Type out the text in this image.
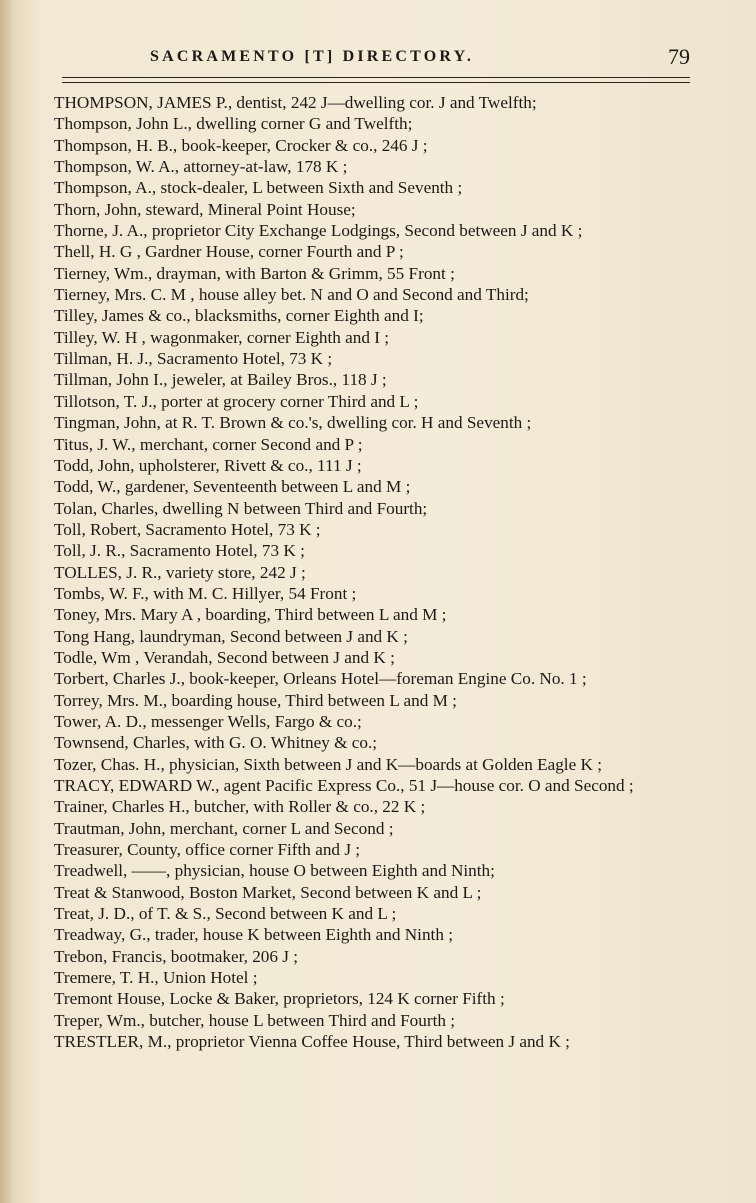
SACRAMENTO [T] DIRECTORY.	79
THOMPSON, JAMES P., dentist, 242 J—dwelling cor. J and Twelfth;
Thompson, John L., dwelling corner G and Twelfth;
Thompson, H. B., book-keeper, Crocker & co., 246 J ;
Thompson, W. A., attorney-at-law, 178 K ;
Thompson, A., stock-dealer, L between Sixth and Seventh ;
Thorn, John, steward, Mineral Point House;
Thorne, J. A., proprietor City Exchange Lodgings, Second between J and K ;
Thell, H. G , Gardner House, corner Fourth and P ;
Tierney, Wm., drayman, with Barton & Grimm, 55 Front ;
Tierney, Mrs. C. M , house alley bet. N and O and Second and Third;
Tilley, James & co., blacksmiths, corner Eighth and I;
Tilley, W. H , wagonmaker, corner Eighth and I ;
Tillman, H. J., Sacramento Hotel, 73 K ;
Tillman, John I., jeweler, at Bailey Bros., 118 J ;
Tillotson, T. J., porter at grocery corner Third and L ;
Tingman, John, at R. T. Brown & co.'s, dwelling cor. H and Seventh ;
Titus, J. W., merchant, corner Second and P ;
Todd, John, upholsterer, Rivett & co., 111 J ;
Todd, W., gardener, Seventeenth between L and M ;
Tolan, Charles, dwelling N between Third and Fourth;
Toll, Robert, Sacramento Hotel, 73 K ;
Toll, J. R., Sacramento Hotel, 73 K ;
TOLLES, J. R., variety store, 242 J ;
Tombs, W. F., with M. C. Hillyer, 54 Front ;
Toney, Mrs. Mary A , boarding, Third between L and M ;
Tong Hang, laundryman, Second between J and K ;
Todle, Wm , Verandah, Second between J and K ;
Torbert, Charles J., book-keeper, Orleans Hotel—foreman Engine Co. No. 1 ;
Torrey, Mrs. M., boarding house, Third between L and M ;
Tower, A. D., messenger Wells, Fargo & co.;
Townsend, Charles, with G. O. Whitney & co.;
Tozer, Chas. H., physician, Sixth between J and K—boards at Golden Eagle K ;
TRACY, EDWARD W., agent Pacific Express Co., 51 J—house cor. O and Second ;
Trainer, Charles H., butcher, with Roller & co., 22 K ;
Trautman, John, merchant, corner L and Second ;
Treasurer, County, office corner Fifth and J ;
Treadwell, ——, physician, house O between Eighth and Ninth;
Treat & Stanwood, Boston Market, Second between K and L ;
Treat, J. D., of T. & S., Second between K and L ;
Treadway, G., trader, house K between Eighth and Ninth ;
Trebon, Francis, bootmaker, 206 J ;
Tremere, T. H., Union Hotel ;
Tremont House, Locke & Baker, proprietors, 124 K corner Fifth ;
Treper, Wm., butcher, house L between Third and Fourth ;
TRESTLER, M., proprietor Vienna Coffee House, Third between J and K ;
